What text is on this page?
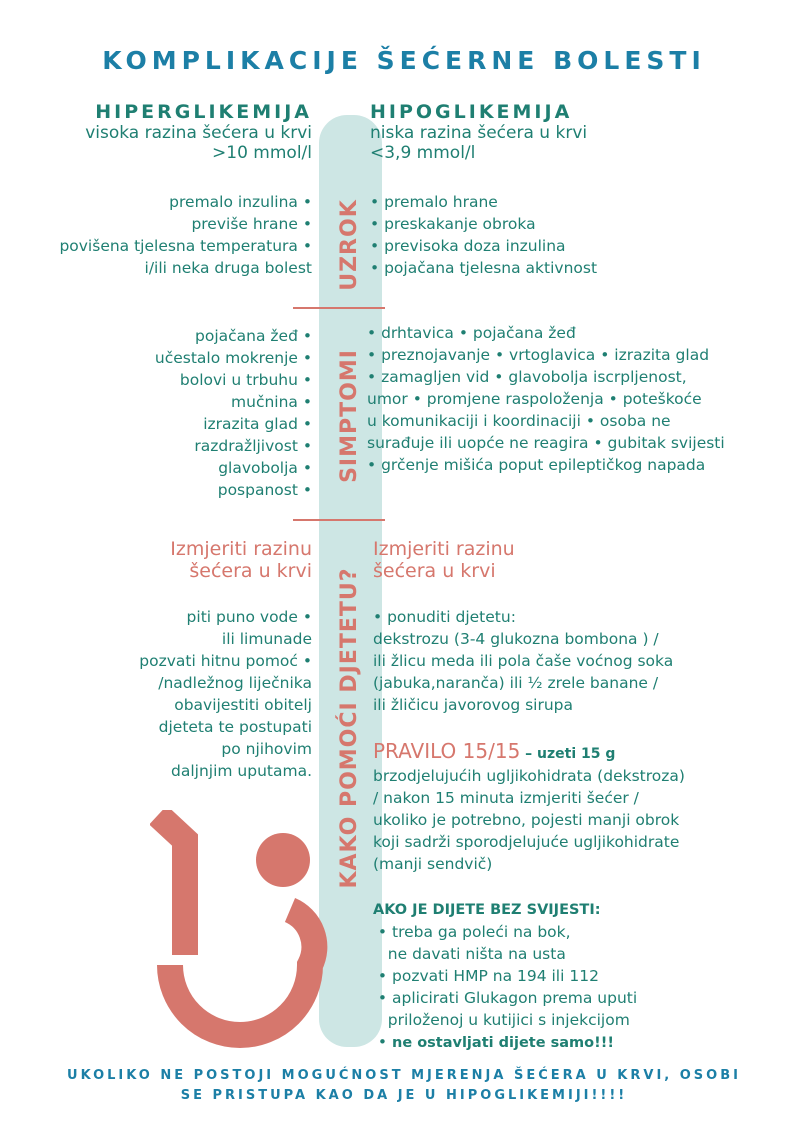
KOMPLIKACIJE ŠEĆERNE BOLESTI
UZROK
SIMPTOMI
KAKO POMOĆI DJETETU?
HIPERGLIKEMIJA
visoka razina šećera u krvi
>10 mmol/l
HIPOGLIKEMIJA
niska razina šećera u krvi
<3,9 mmol/l
premalo inzulina •
previše hrane •
povišena tjelesna temperatura •
i/ili neka druga bolest
• premalo hrane
• preskakanje obroka
• previsoka doza inzulina
• pojačana tjelesna aktivnost
pojačana žeđ •
učestalo mokrenje •
bolovi u trbuhu •
mučnina •
izrazita glad •
razdražljivost •
glavobolja •
pospanost •
• drhtavica • pojačana žeđ
• preznojavanje • vrtoglavica • izrazita glad
• zamagljen vid • glavobolja iscrpljenost,
umor • promjene raspoloženja • poteškoće
u komunikaciji i koordinaciji • osoba ne
surađuje ili uopće ne reagira • gubitak svijesti
• grčenje mišića poput epileptičkog napada
Izmjeriti razinu
šećera u krvi
Izmjeriti razinu
šećera u krvi
piti puno vode •
ili limunade
pozvati hitnu pomoć •
/nadležnog liječnika
obavijestiti obitelj
djeteta te postupati
po njihovim
daljnjim uputama.
• ponuditi djetetu:
dekstrozu (3-4 glukozna bombona ) /
ili žlicu meda ili pola čaše voćnog soka
(jabuka,naranča) ili ½ zrele banane /
ili žličicu javorovog sirupa
PRAVILO 15/15 – uzeti 15 g
brzodjelujućih ugljikohidrata (dekstroza)
/ nakon 15 minuta izmjeriti šećer /
ukoliko je potrebno, pojesti manji obrok
koji sadrži sporodjelujuće ugljikohidrate
(manji sendvič)
AKO JE DIJETE BEZ SVIJESTI:
• treba ga poleći na bok,
ne davati ništa na usta
• pozvati HMP na 194 ili 112
• aplicirati Glukagon prema uputi
priloženoj u kutijici s injekcijom
• ne ostavljati dijete samo!!!
UKOLIKO NE POSTOJI MOGUĆNOST MJERENJA ŠEĆERA U KRVI, OSOBI
SE PRISTUPA KAO DA JE U HIPOGLIKEMIJI!!!!
